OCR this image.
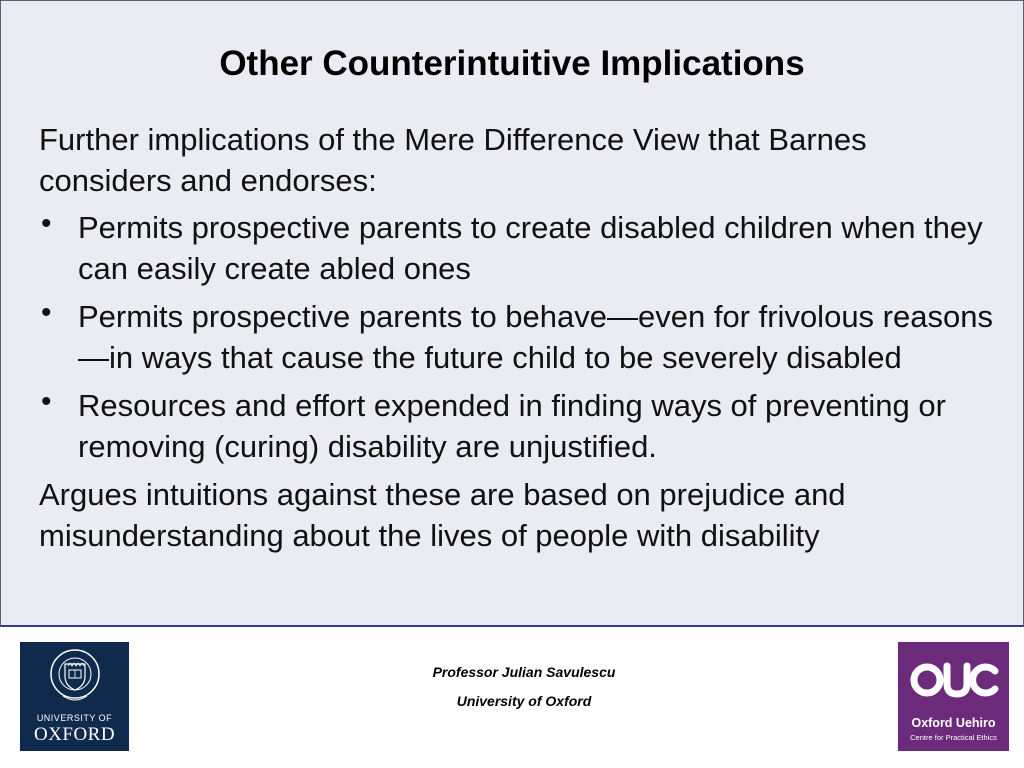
Other Counterintuitive Implications

Further implications of the Mere Difference View that Barnes considers and endorses:

• Permits prospective parents to create disabled children when they can easily create abled ones
• Permits prospective parents to behave—even for frivolous reasons—in ways that cause the future child to be severely disabled
• Resources and effort expended in finding ways of preventing or removing (curing) disability are unjustified.

Argues intuitions against these are based on prejudice and misunderstanding about the lives of people with disability

UNIVERSITY OF
OXFORD
Professor Julian Savulescu
University of Oxford
Oxford Uehiro
Centre for Practical Ethics
